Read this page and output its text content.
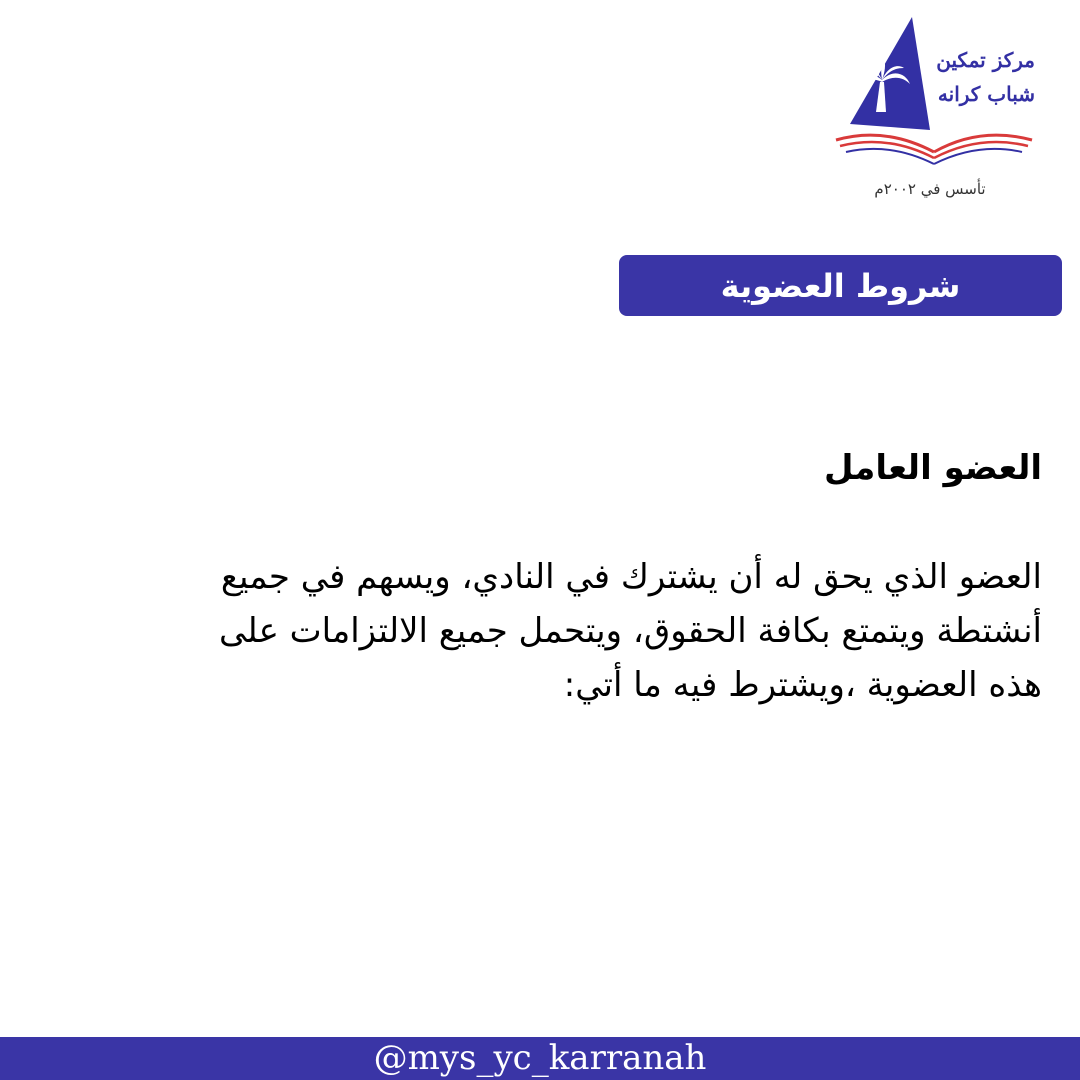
مركز تمكين
شباب كرانه
تأسس في ٢٠٠٢م
شروط العضوية
العضو العامل
العضو الذي يحق له أن يشترك في النادي، ويسهم في جميع
أنشتطة ويتمتع بكافة الحقوق، ويتحمل جميع الالتزامات على
هذه العضوية ،ويشترط فيه ما أتي:
@mys_yc_karranah
